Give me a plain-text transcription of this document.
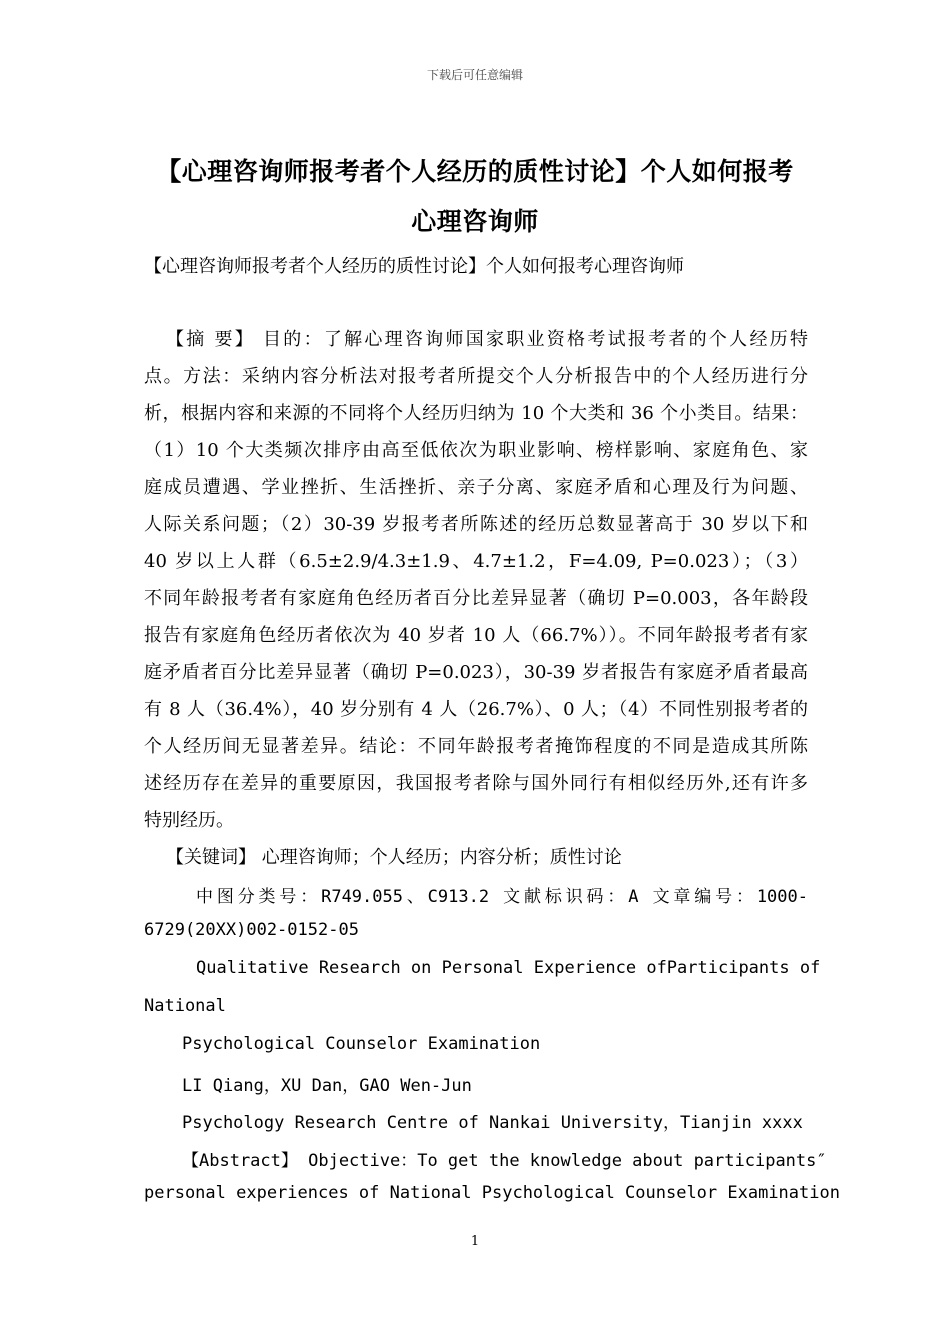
下载后可任意编辑
【心理咨询师报考者个人经历的质性讨论】个人如何报考
心理咨询师
【心理咨询师报考者个人经历的质性讨论】个人如何报考心理咨询师
【摘 要】 目的：了解心理咨询师国家职业资格考试报考者的个人经历特
点。方法：采纳内容分析法对报考者所提交个人分析报告中的个人经历进行分
析，根据内容和来源的不同将个人经历归纳为 10 个大类和 36 个小类目。结果：
（1）10 个大类频次排序由高至低依次为职业影响、榜样影响、家庭角色、家
庭成员遭遇、学业挫折、生活挫折、亲子分离、家庭矛盾和心理及行为问题、
人际关系问题；（2）30-39 岁报考者所陈述的经历总数显著高于 30 岁以下和
40 岁以上人群（6.5±2.9/4.3±1.9、4.7±1.2，F=4.09, P=0.023）；（3）
不同年龄报考者有家庭角色经历者百分比差异显著（确切 P=0.003，各年龄段
报告有家庭角色经历者依次为 40 岁者 10 人（66.7%））。不同年龄报考者有家
庭矛盾者百分比差异显著（确切 P=0.023），30-39 岁者报告有家庭矛盾者最高
有 8 人（36.4%），40 岁分别有 4 人（26.7%）、0 人；（4）不同性别报考者的
个人经历间无显著差异。结论：不同年龄报考者掩饰程度的不同是造成其所陈
述经历存在差异的重要原因，我国报考者除与国外同行有相似经历外,还有许多
特别经历。
【关键词】 心理咨询师；个人经历；内容分析；质性讨论
中图分类号：R749.055、C913.2 文献标识码：A 文章编号：1000-
6729(20XX)002-0152-05
Qualitative Research on Personal Experience ofParticipants of
National
Psychological Counselor Examination
LI Qiang，XU Dan，GAO Wen-Jun
Psychology Research Centre of Nankai University，Tianjin xxxx
【Abstract】 Objective：To get the knowledge about participants″
personal experiences of National Psychological Counselor Examination
1
